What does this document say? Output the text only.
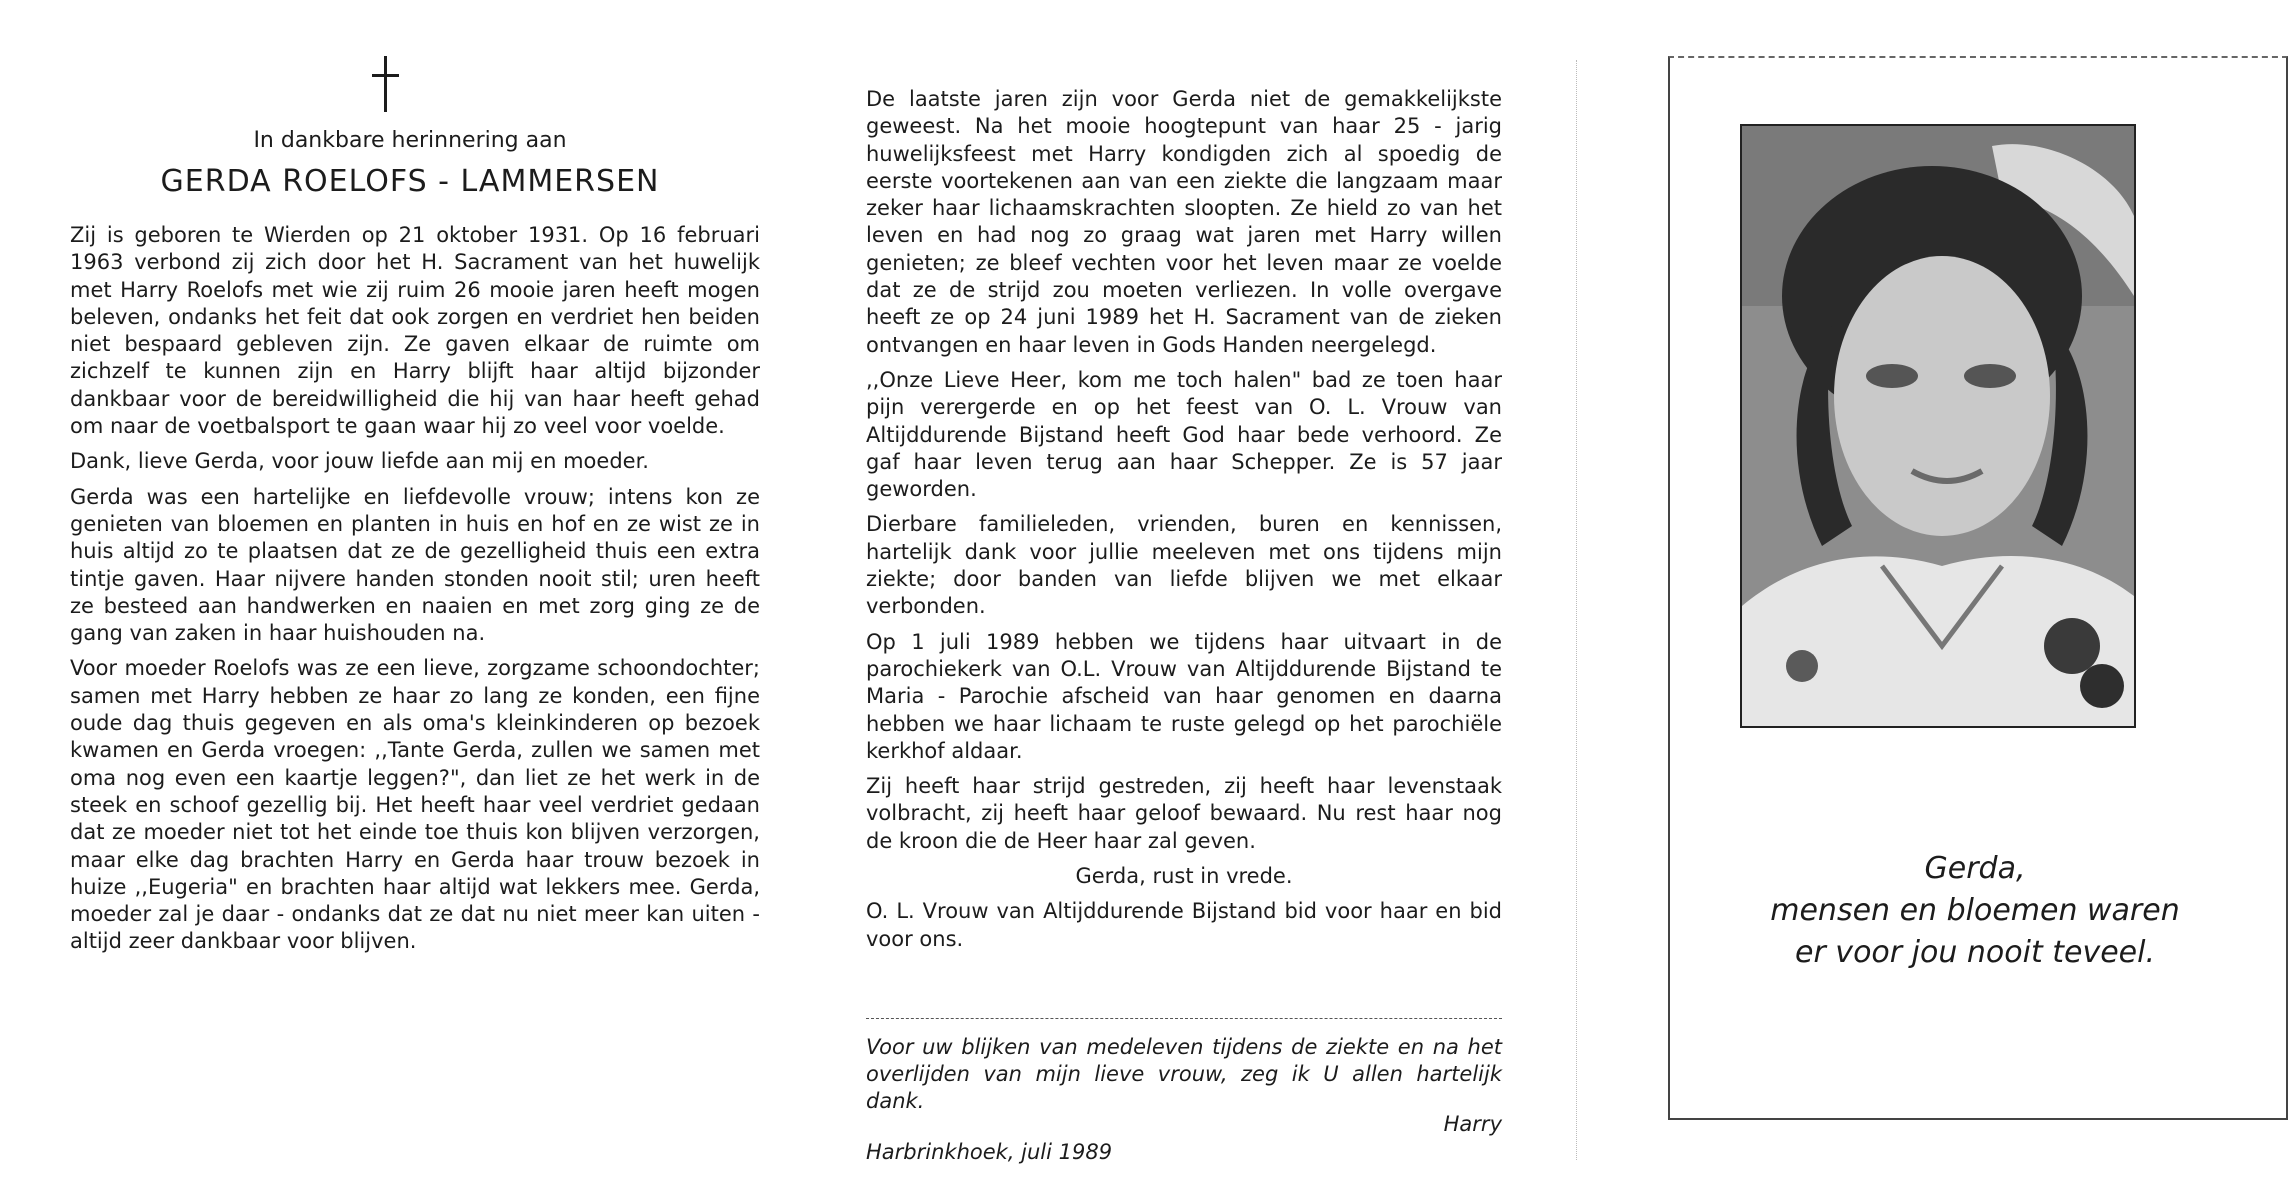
In dankbare herinnering aan
GERDA ROELOFS - LAMMERSEN

Zij is geboren te Wierden op 21 oktober 1931. Op 16 februari 1963 verbond zij zich door het H. Sacrament van het huwelijk met Harry Roelofs met wie zij ruim 26 mooie jaren heeft mogen beleven, ondanks het feit dat ook zorgen en verdriet hen beiden niet bespaard gebleven zijn. Ze gaven elkaar de ruimte om zichzelf te kunnen zijn en Harry blijft haar altijd bijzonder dankbaar voor de bereidwilligheid die hij van haar heeft gehad om naar de voetbalsport te gaan waar hij zo veel voor voelde.

Dank, lieve Gerda, voor jouw liefde aan mij en moeder.

Gerda was een hartelijke en liefdevolle vrouw; intens kon ze genieten van bloemen en planten in huis en hof en ze wist ze in huis altijd zo te plaatsen dat ze de gezelligheid thuis een extra tintje gaven. Haar nijvere handen stonden nooit stil; uren heeft ze besteed aan handwerken en naaien en met zorg ging ze de gang van zaken in haar huishouden na.

Voor moeder Roelofs was ze een lieve, zorgzame schoondochter; samen met Harry hebben ze haar zo lang ze konden, een fijne oude dag thuis gegeven en als oma's kleinkinderen op bezoek kwamen en Gerda vroegen: ,,Tante Gerda, zullen we samen met oma nog even een kaartje leggen?", dan liet ze het werk in de steek en schoof gezellig bij. Het heeft haar veel verdriet gedaan dat ze moeder niet tot het einde toe thuis kon blijven verzorgen, maar elke dag brachten Harry en Gerda haar trouw bezoek in huize ,,Eugeria" en brachten haar altijd wat lekkers mee. Gerda, moeder zal je daar - ondanks dat ze dat nu niet meer kan uiten - altijd zeer dankbaar voor blijven.

De laatste jaren zijn voor Gerda niet de gemakkelijkste geweest. Na het mooie hoogtepunt van haar 25 - jarig huwelijksfeest met Harry kondigden zich al spoedig de eerste voortekenen aan van een ziekte die langzaam maar zeker haar lichaamskrachten sloopten. Ze hield zo van het leven en had nog zo graag wat jaren met Harry willen genieten; ze bleef vechten voor het leven maar ze voelde dat ze de strijd zou moeten verliezen. In volle overgave heeft ze op 24 juni 1989 het H. Sacrament van de zieken ontvangen en haar leven in Gods Handen neergelegd.

,,Onze Lieve Heer, kom me toch halen" bad ze toen haar pijn verergerde en op het feest van O. L. Vrouw van Altijddurende Bijstand heeft God haar bede verhoord. Ze gaf haar leven terug aan haar Schepper. Ze is 57 jaar geworden.

Dierbare familieleden, vrienden, buren en kennissen, hartelijk dank voor jullie meeleven met ons tijdens mijn ziekte; door banden van liefde blijven we met elkaar verbonden.

Op 1 juli 1989 hebben we tijdens haar uitvaart in de parochiekerk van O.L. Vrouw van Altijddurende Bijstand te Maria - Parochie afscheid van haar genomen en daarna hebben we haar lichaam te ruste gelegd op het parochiële kerkhof aldaar.

Zij heeft haar strijd gestreden, zij heeft haar levenstaak volbracht, zij heeft haar geloof bewaard. Nu rest haar nog de kroon die de Heer haar zal geven.

Gerda, rust in vrede.

O. L. Vrouw van Altijddurende Bijstand bid voor haar en bid voor ons.

Voor uw blijken van medeleven tijdens de ziekte en na het overlijden van mijn lieve vrouw, zeg ik U allen hartelijk dank.
Harry
Harbrinkhoek, juli 1989
Gerda,
mensen en bloemen waren
er voor jou nooit teveel.
